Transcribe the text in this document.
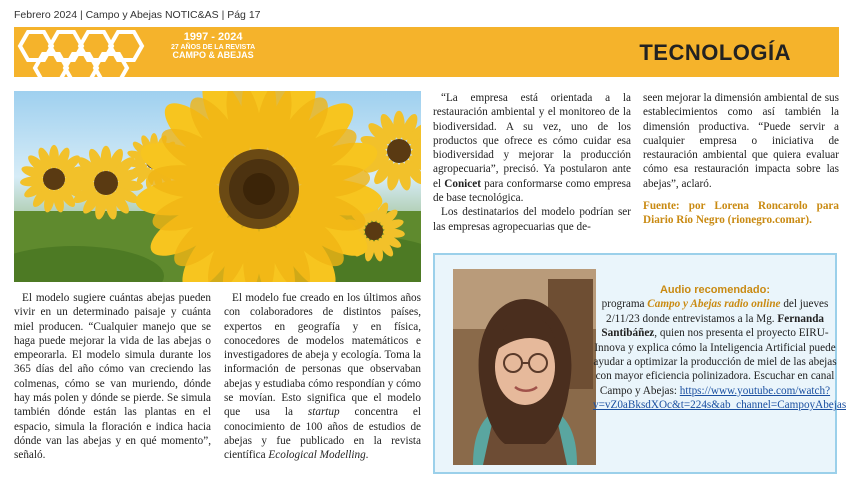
Febrero 2024 | Campo y Abejas NOTIC&AS | Pág 17
1997 - 2024
27 AÑOS DE LA REVISTA
CAMPO & ABEJAS	TECNOLOGÍA

El modelo sugiere cuántas abejas pueden vivir en un determinado paisaje y cuánta miel producen. “Cualquier manejo que se haga puede mejorar la vida de las abejas o empeorarla. El modelo simula durante los 365 días del año cómo van creciendo las colmenas, cómo se van muriendo, dónde hay más polen y dónde se pierde. Se simula también dónde están las plantas en el espacio, simula la floración e indica hacia dónde van las abejas y en qué momento”, señaló.

El modelo fue creado en los últimos años con colaboradores de distintos países, expertos en geografía y en física, conocedores de modelos matemáticos e investigadores de abeja y ecología. Toma la información de personas que observaban abejas y estudiaba cómo respondían y cómo se movían. Esto significa que el modelo que usa la startup concentra el conocimiento de 100 años de estudios de abejas y fue publicado en la revista científica Ecological Modelling.

“La empresa está orientada a la restauración ambiental y el monitoreo de la biodiversidad. A su vez, uno de los productos que ofrece es cómo cuidar esa biodiversidad y mejorar la producción agropecuaria”, precisó. Ya postularon ante el Conicet para conformarse como empresa de base tecnológica.

Los destinatarios del modelo podrían ser las empresas agropecuarias que de-

seen mejorar la dimensión ambiental de sus establecimientos como así también la dimensión productiva. “Puede servir a cualquier empresa o iniciativa de restauración ambiental que quiera evaluar cómo esa restauración impacta sobre las abejas”, aclaró.

Fuente: por Lorena Roncarolo para Diario Río Negro (rionegro.comar).

Audio recomendado:

programa Campo y Abejas radio online del jueves 2/11/23 donde entrevistamos a la Mg. Fernanda Santibáñez, quien nos presenta el proyecto EIRU-Innova y explica cómo la Inteligencia Artificial puede ayudar a optimizar la producción de miel de las abejas con mayor eficiencia polinizadora. Escuchar en canal Campo y Abejas: https://www.youtube.com/watch?v=vZ0aBksdXOc&t=224s&ab_channel=CampoyAbejas
